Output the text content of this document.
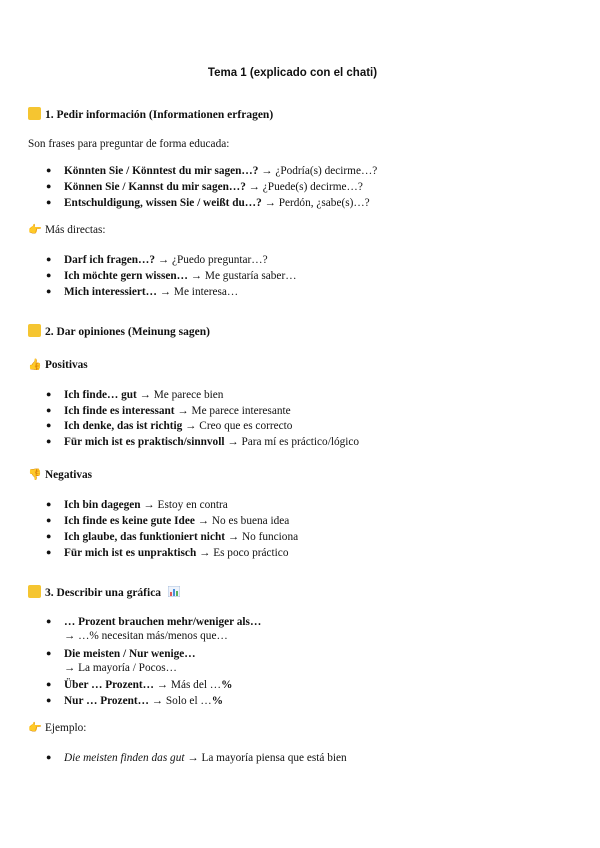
Tema 1 (explicado con el chati)
1. Pedir información (Informationen erfragen)
Son frases para preguntar de forma educada:
● Könnten Sie / Könntest du mir sagen…? → ¿Podría(s) decirme…?
● Können Sie / Kannst du mir sagen…? → ¿Puede(s) decirme…?
● Entschuldigung, wissen Sie / weißt du…? → Perdón, ¿sabe(s)…?
👉 Más directas:
● Darf ich fragen…? → ¿Puedo preguntar…?
● Ich möchte gern wissen… → Me gustaría saber…
● Mich interessiert… → Me interesa…
2. Dar opiniones (Meinung sagen)
👍 Positivas
● Ich finde… gut → Me parece bien
● Ich finde es interessant → Me parece interesante
● Ich denke, das ist richtig → Creo que es correcto
● Für mich ist es praktisch/sinnvoll → Para mí es práctico/lógico
👎 Negativas
● Ich bin dagegen → Estoy en contra
● Ich finde es keine gute Idee → No es buena idea
● Ich glaube, das funktioniert nicht → No funciona
● Für mich ist es unpraktisch → Es poco práctico
3. Describir una gráfica
● … Prozent brauchen mehr/weniger als…
→ …% necesitan más/menos que…
● Die meisten / Nur wenige…
→ La mayoría / Pocos…
● Über … Prozent… → Más del …%
● Nur … Prozent… → Solo el …%
👉 Ejemplo:
● Die meisten finden das gut → La mayoría piensa que está bien
